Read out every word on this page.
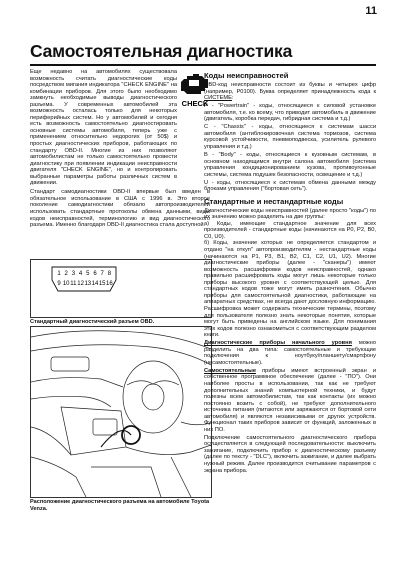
11
Самостоятельная диагностика

Еще недавно на автомобилях существовала возможность считать диагностические коды посредством мигания индикатора "CHECK ENGINE" на комбинации приборов. Для этого было необходимо замкнуть необходимые выводы диагностического разъема. У современных автомобилей эта возможность осталась только для некоторых периферийных систем. Но у автомобилей и сегодня есть возможность самостоятельно диагностировать основные системы автомобиля, теперь уже с применением относительно недорогих (от 50$) и простых диагностических приборов, работающих по стандарту OBD-II. Многие из них позволяют автомобилистам не только самостоятельно провести диагностику при появлении индикации неисправности двигателя "CHECK ENGINE", но и контролировать выбранные параметры работы различных систем в движении.

CHECK

Стандарт самодиагностики OBD-II впервые был введен в обязательное использование в США с 1996 в. Это второе поколение самодиагностики обязало автопроизводителей использовать стандартные протоколы обмена данными, виды кодов неисправностей, терминологию и вид диагностического разъема. Именно благодаря OBD-II диагностика стала доступной.

1 2 3 4 5 6 7 8
9 10 11 12 13 14 15 16
Стандартный диагностический разъем OBD.
Расположение диагностического разъема на автомобиле Toyota Venza.
Коды неисправностей

OBD-код неисправности состоит из буквы и четырех цифр (например, P0100). Буква определяет принадлежность кода к СИСТЕМЕ:

P - "Powertrain" - коды, относящиеся к силовой установке автомобиля, т.е. ко всему, что приводит автомобиль в движение (двигатель, коробка передач, гибридная система и т.д.)

C - "Chassis" - коды, относящиеся к системам шасси автомобиля (антиблокировочная система тормозов, система курсовой устойчивости, пневмоподвеска, усилитель рулевого управления и т.д.)

B - "Body" - коды, относящиеся к кузовным системам, в основном находящимся внутри салона автомобиля (система управления кондиционированием кузова, противоугонные системы, система подушек безопасности, освещение и т.д.)

U - коды, относящиеся к системам обмена данными между блоками управления ("бортовая сеть").

Стандартные и нестандартные коды

Диагностические коды неисправностей (далее просто "коды") по их значению можно разделить на две группы:
а) Коды, имеющие стандартное значение для всех производителей - стандартные коды (начинаются на P0, P2, B0, C0, U0).
б) Коды, значение которых не определяется стандартом и отдано "на откуп" автопроизводителям - нестандартные коды (начинаются на P1, P3, B1, B2, C1, C2, U1, U2). Многие диагностические приборы (далее - "сканеры") имеют возможность расшифровки кодов неисправностей, однако правильно расшифровать коды могут лишь некоторые только приборы высокого уровня с соответствующей целью. Для стандартных кодов тоже могут иметь разночтения. Обычно приборы для самостоятельной диагностики, работающие на аппаратных средствах, не всегда дают дословную информацию. Расшифровка может содержать технические термины, поэтому для пользователя полезно знать некоторые понятия, которые могут быть приведены на английском языке. Для понимания этих кодов полезно ознакомиться с соответствующим разделом книги.

Диагностические приборы начального уровня можно разделить на два типа: самостоятельные и требующие подключения к ноутбуку/планшету/смартфону (несамостоятельные).

Самостоятельные приборы имеют встроенный экран и собственное программное обеспечение (далее - "ПО"). Они наиболее просты в использовании, так как не требуют дополнительных знаний компьютерной техники, и будут полезны всем автомобилистам, так как контакты (их можно постоянно возить с собой), не требуют дополнительного источника питания (питаются или заряжаются от бортовой сети автомобиля) и являются независимыми от других устройств. Функционал таких приборов зависит от функций, заложенных в них ПО.

Подключение самостоятельного диагностического прибора осуществляется в следующей последовательности: выключить зажигание, подключить прибор к диагностическому разъему (далее по тексту - "DLC"), включить зажигание, и далее выбрать нужный режим. Далее производится считывание параметров с экрана прибора.
